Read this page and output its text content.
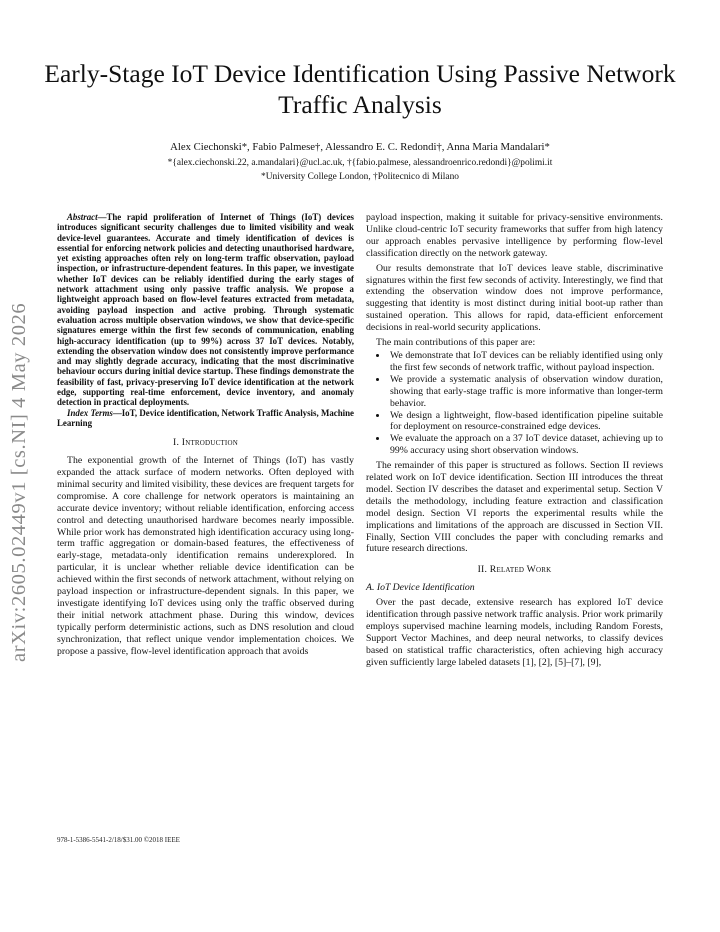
arXiv:2605.02449v1 [cs.NI] 4 May 2026
Early-Stage IoT Device Identification Using Passive Network Traffic Analysis
Alex Ciechonski*, Fabio Palmese†, Alessandro E. C. Redondi†, Anna Maria Mandalari*
*{alex.ciechonski.22, a.mandalari}@ucl.ac.uk, †{fabio.palmese, alessandroenrico.redondi}@polimi.it
*University College London, †Politecnico di Milano

Abstract—The rapid proliferation of Internet of Things (IoT) devices introduces significant security challenges due to limited visibility and weak device-level guarantees. Accurate and timely identification of devices is essential for enforcing network policies and detecting unauthorised hardware, yet existing approaches often rely on long-term traffic observation, payload inspection, or infrastructure-dependent features. In this paper, we investigate whether IoT devices can be reliably identified during the early stages of network attachment using only passive traffic analysis. We propose a lightweight approach based on flow-level features extracted from metadata, avoiding payload inspection and active probing. Through systematic evaluation across multiple observation windows, we show that device-specific signatures emerge within the first few seconds of communication, enabling high-accuracy identification (up to 99%) across 37 IoT devices. Notably, extending the observation window does not consistently improve performance and may slightly degrade accuracy, indicating that the most discriminative behaviour occurs during initial device startup. These findings demonstrate the feasibility of fast, privacy-preserving IoT device identification at the network edge, supporting real-time enforcement, device inventory, and anomaly detection in practical deployments.

Index Terms—IoT, Device identification, Network Traffic Analysis, Machine Learning

I. Introduction

The exponential growth of the Internet of Things (IoT) has vastly expanded the attack surface of modern networks. Often deployed with minimal security and limited visibility, these devices are frequent targets for compromise. A core challenge for network operators is maintaining an accurate device inventory; without reliable identification, enforcing access control and detecting unauthorised hardware becomes nearly impossible. While prior work has demonstrated high identification accuracy using long-term traffic aggregation or domain-based features, the effectiveness of early-stage, metadata-only identification remains underexplored. In particular, it is unclear whether reliable device identification can be achieved within the first seconds of network attachment, without relying on payload inspection or infrastructure-dependent signals. In this paper, we investigate identifying IoT devices using only the traffic observed during their initial network attachment phase. During this window, devices typically perform deterministic actions, such as DNS resolution and cloud synchronization, that reflect unique vendor implementation choices. We propose a passive, flow-level identification approach that avoids

payload inspection, making it suitable for privacy-sensitive environments. Unlike cloud-centric IoT security frameworks that suffer from high latency our approach enables pervasive intelligence by performing flow-level classification directly on the network gateway.

Our results demonstrate that IoT devices leave stable, discriminative signatures within the first few seconds of activity. Interestingly, we find that extending the observation window does not improve performance, suggesting that identity is most distinct during initial boot-up rather than sustained operation. This allows for rapid, data-efficient enforcement decisions in real-world security applications.

The main contributions of this paper are:

• We demonstrate that IoT devices can be reliably identified using only the first few seconds of network traffic, without payload inspection.
• We provide a systematic analysis of observation window duration, showing that early-stage traffic is more informative than longer-term behavior.
• We design a lightweight, flow-based identification pipeline suitable for deployment on resource-constrained edge devices.
• We evaluate the approach on a 37 IoT device dataset, achieving up to 99% accuracy using short observation windows.

The remainder of this paper is structured as follows. Section II reviews related work on IoT device identification. Section III introduces the threat model. Section IV describes the dataset and experimental setup. Section V details the methodology, including feature extraction and classification model design. Section VI reports the experimental results while the implications and limitations of the approach are discussed in Section VII. Finally, Section VIII concludes the paper with concluding remarks and future research directions.

II. Related Work
A. IoT Device Identification

Over the past decade, extensive research has explored IoT device identification through passive network traffic analysis. Prior work primarily employs supervised machine learning models, including Random Forests, Support Vector Machines, and deep neural networks, to classify devices based on statistical traffic characteristics, often achieving high accuracy given sufficiently large labeled datasets [1], [2], [5]–[7], [9],

978-1-5386-5541-2/18/$31.00 ©2018 IEEE
